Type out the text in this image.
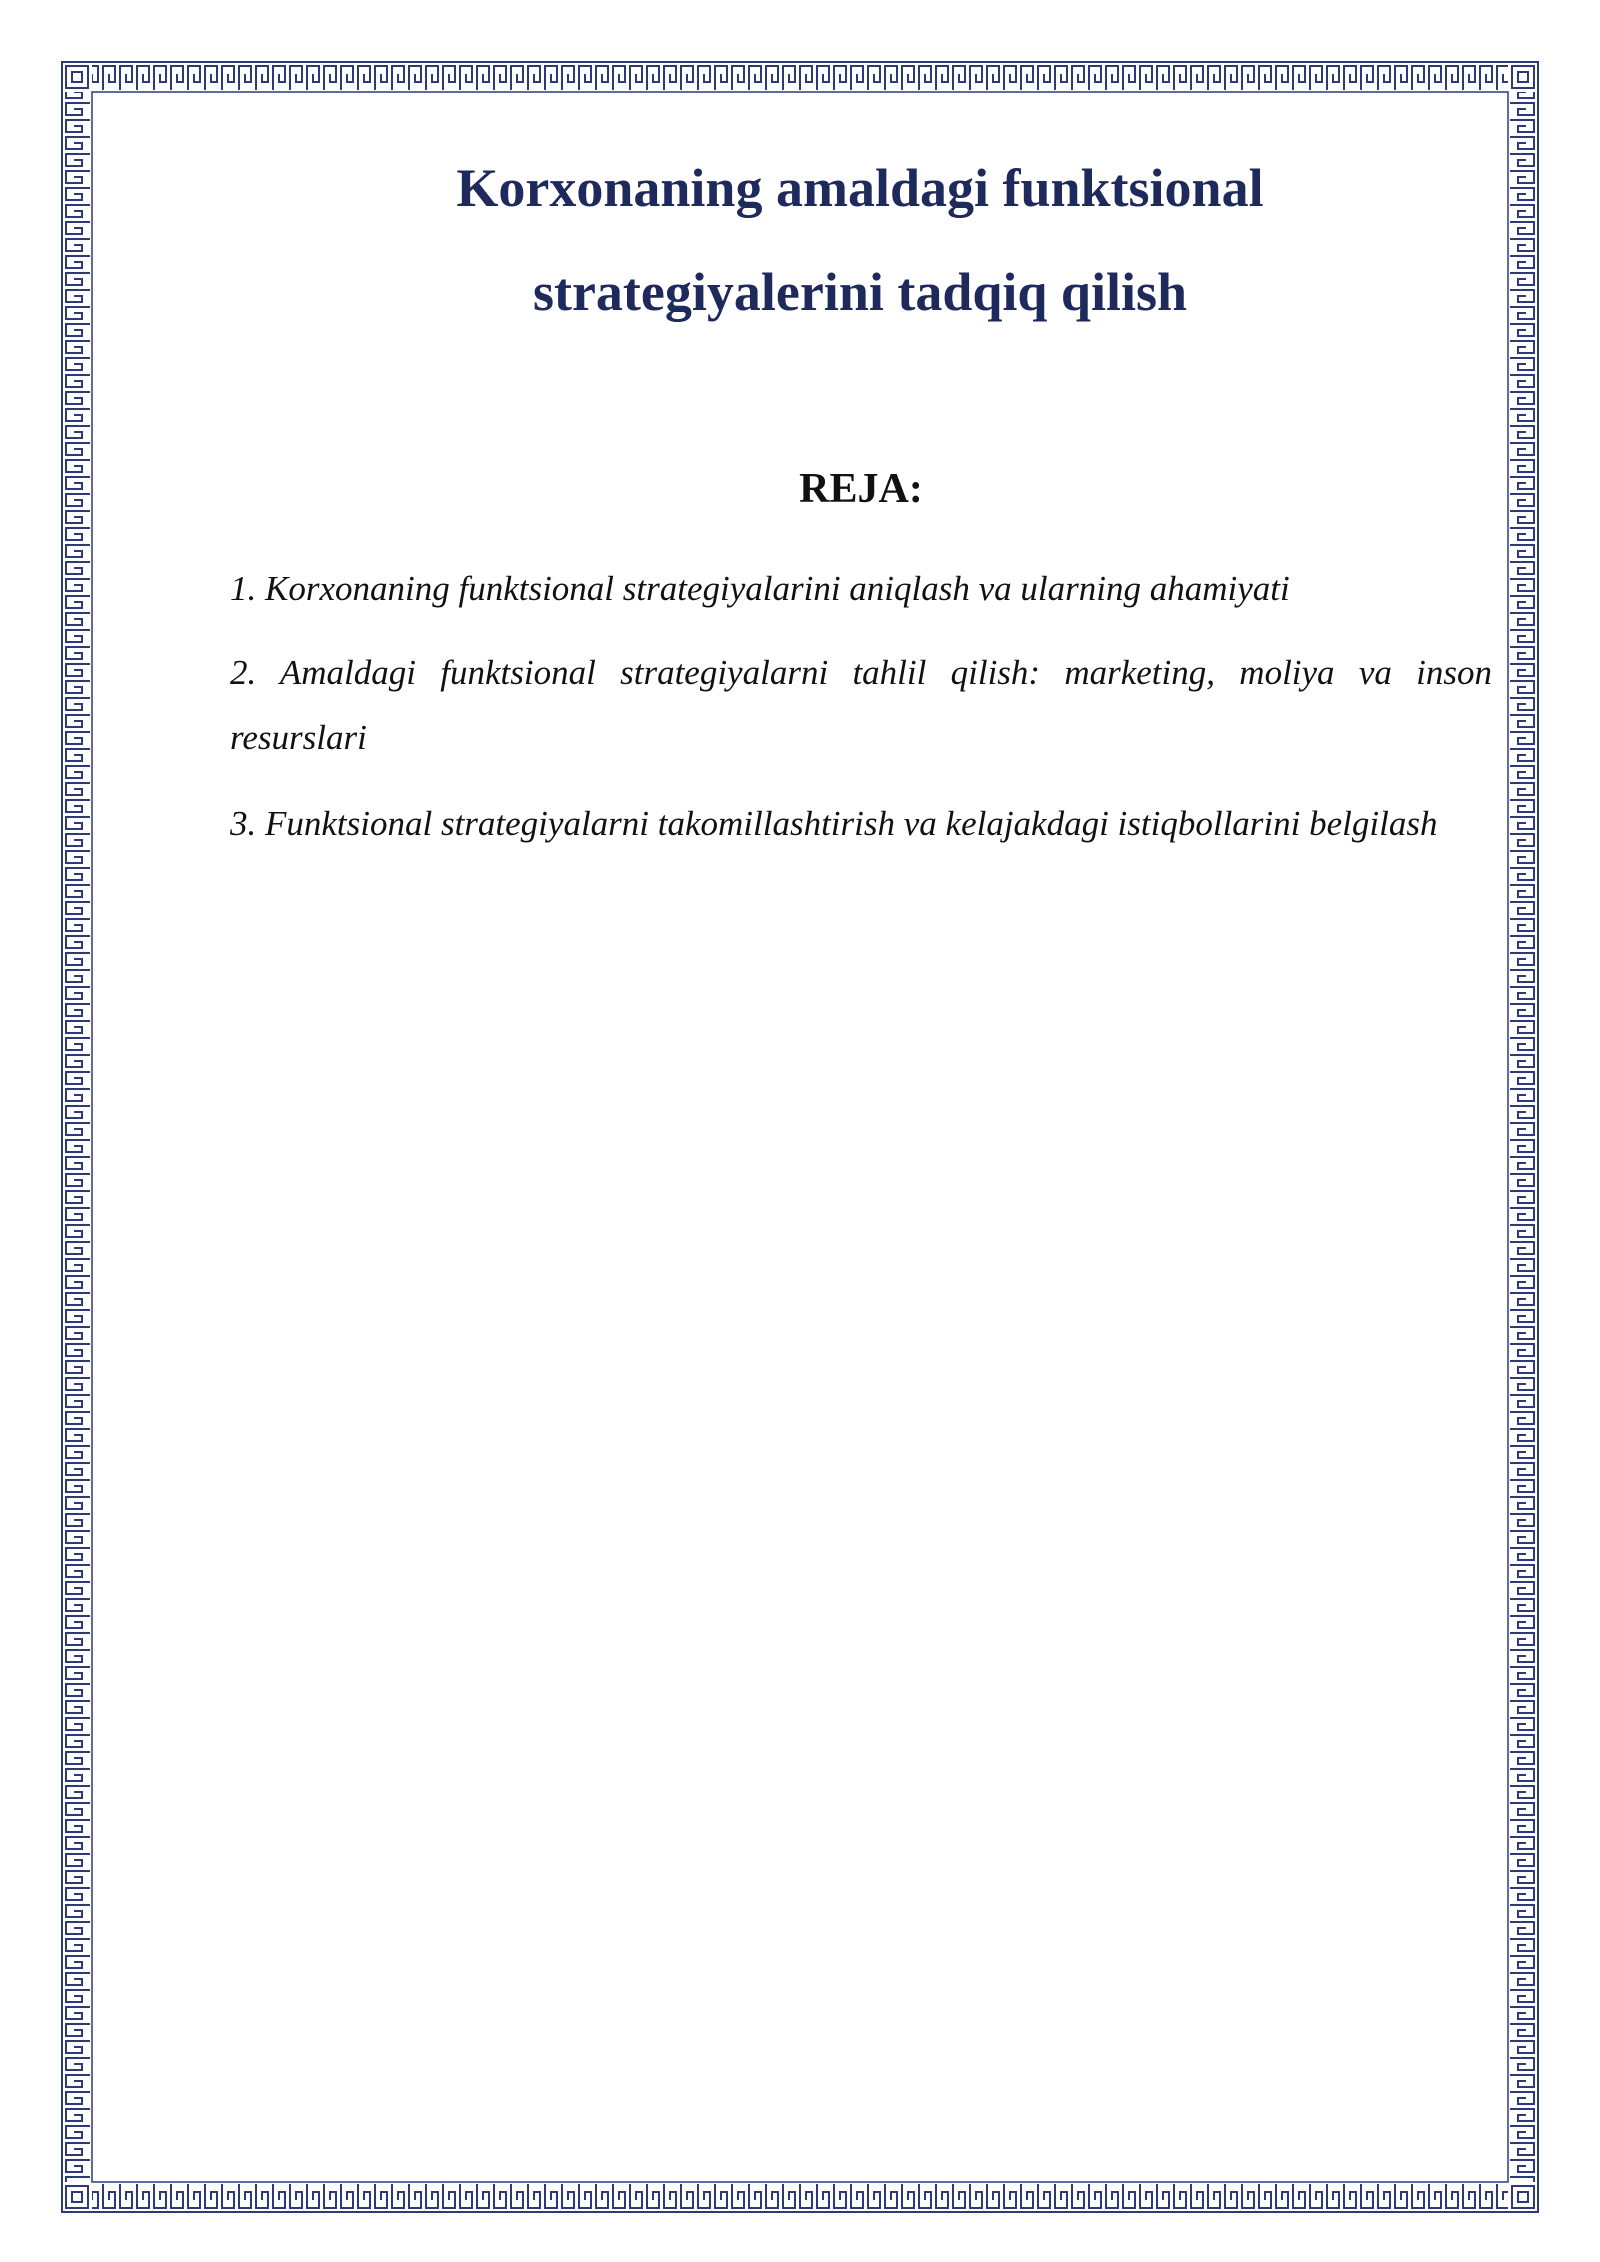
Korxonaning amaldagi funktsional
strategiyalerini tadqiq qilish
REJA:

1. Korxonaning funktsional strategiyalarini aniqlash va ularning ahamiyati

2. Amaldagi funktsional strategiyalarni tahlil qilish: marketing, moliya va inson resurslari

3. Funktsional strategiyalarni takomillashtirish va kelajakdagi istiqbollarini belgilash
